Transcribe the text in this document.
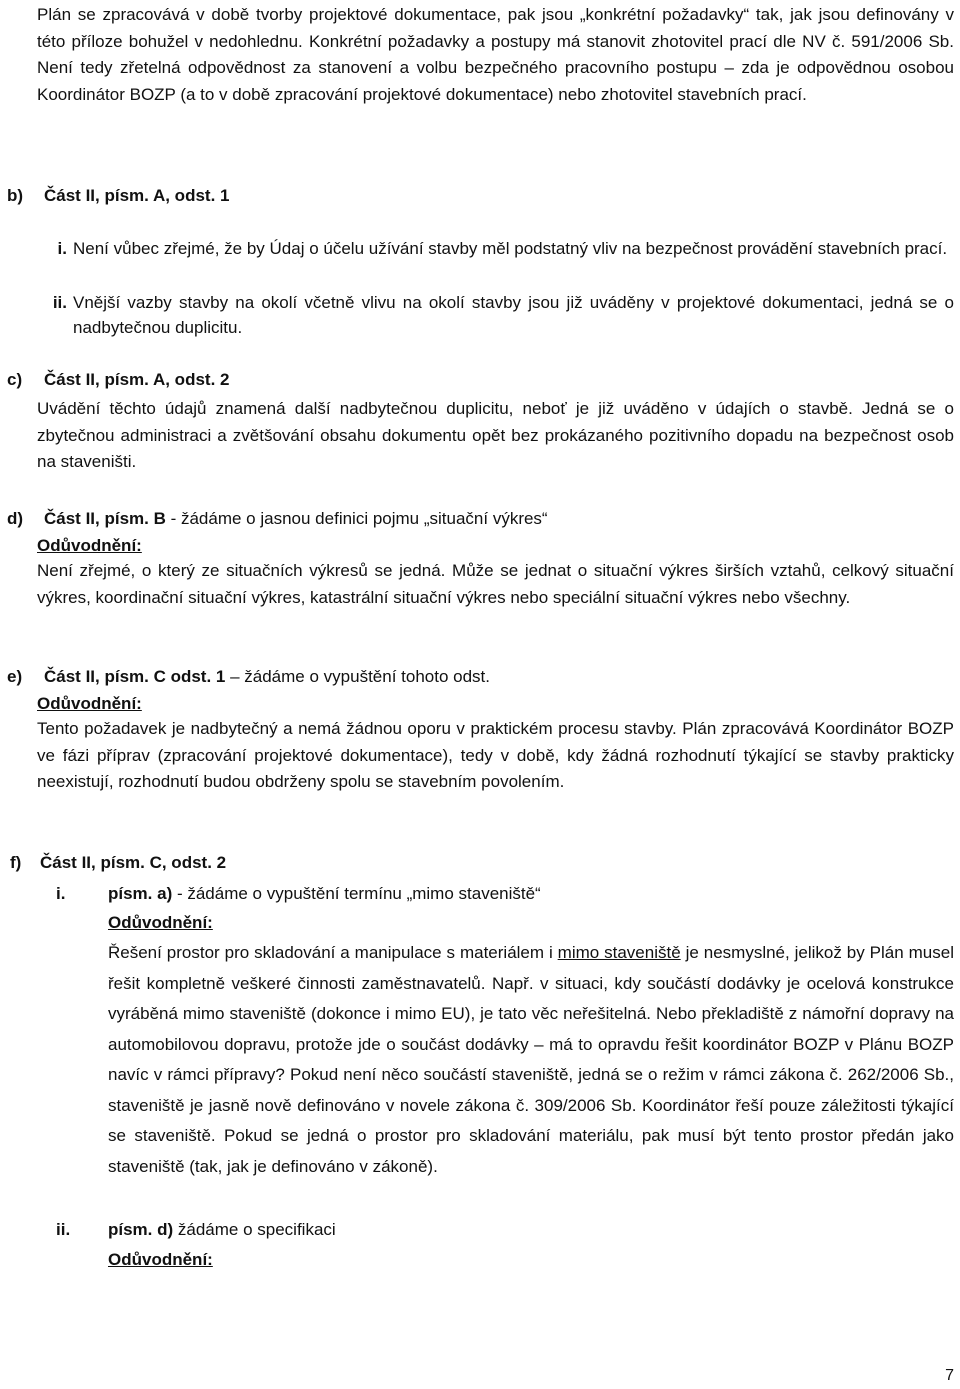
Plán se zpracovává v době tvorby projektové dokumentace, pak jsou „konkrétní požadavky“ tak, jak jsou definovány v této příloze bohužel v nedohlednu. Konkrétní požadavky a postupy má stanovit zhotovitel prací dle NV č. 591/2006 Sb. Není tedy zřetelná odpovědnost za stanovení a volbu bezpečného pracovního postupu – zda je odpovědnou osobou Koordinátor BOZP (a to v době zpracování projektové dokumentace) nebo zhotovitel stavebních prací.

b) Část II, písm. A, odst. 1
i. Není vůbec zřejmé, že by Údaj o účelu užívání stavby měl podstatný vliv na bezpečnost provádění stavebních prací.
ii. Vnější vazby stavby na okolí včetně vlivu na okolí stavby jsou již uváděny v projektové dokumentaci, jedná se o nadbytečnou duplicitu.
c) Část II, písm. A, odst. 2

Uvádění těchto údajů znamená další nadbytečnou duplicitu, neboť je již uváděno v údajích o stavbě. Jedná se o zbytečnou administraci a zvětšování obsahu dokumentu opět bez prokázaného pozitivního dopadu na bezpečnost osob na staveništi.

d) Část II, písm. B - žádáme o jasnou definici pojmu „situační výkres“
Odůvodnění:

Není zřejmé, o který ze situačních výkresů se jedná. Může se jednat o situační výkres širších vztahů, celkový situační výkres, koordinační situační výkres, katastrální situační výkres nebo speciální situační výkres nebo všechny.

e) Část II, písm. C odst. 1 – žádáme o vypuštění tohoto odst.
Odůvodnění:

Tento požadavek je nadbytečný a nemá žádnou oporu v praktickém procesu stavby. Plán zpracovává Koordinátor BOZP ve fázi příprav (zpracování projektové dokumentace), tedy v době, kdy žádná rozhodnutí týkající se stavby prakticky neexistují, rozhodnutí budou obdrženy spolu se stavebním povolením.

f) Část II, písm. C, odst. 2
i.	písm. a) - žádáme o vypuštění termínu „mimo staveniště“
Odůvodnění:

Řešení prostor pro skladování a manipulace s materiálem i mimo staveniště je nesmyslné, jelikož by Plán musel řešit kompletně veškeré činnosti zaměstnavatelů. Např. v situaci, kdy součástí dodávky je ocelová konstrukce vyráběná mimo staveniště (dokonce i mimo EU), je tato věc neřešitelná. Nebo překladiště z námořní dopravy na automobilovou dopravu, protože jde o součást dodávky – má to opravdu řešit koordinátor BOZP v Plánu BOZP navíc v rámci přípravy? Pokud není něco součástí staveniště, jedná se o režim v rámci zákona č. 262/2006 Sb., staveniště je jasně nově definováno v novele zákona č. 309/2006 Sb. Koordinátor řeší pouze záležitosti týkající se staveniště. Pokud se jedná o prostor pro skladování materiálu, pak musí být tento prostor předán jako staveniště (tak, jak je definováno v zákoně).

ii. písm. d) žádáme o specifikaci
Odůvodnění:
7
